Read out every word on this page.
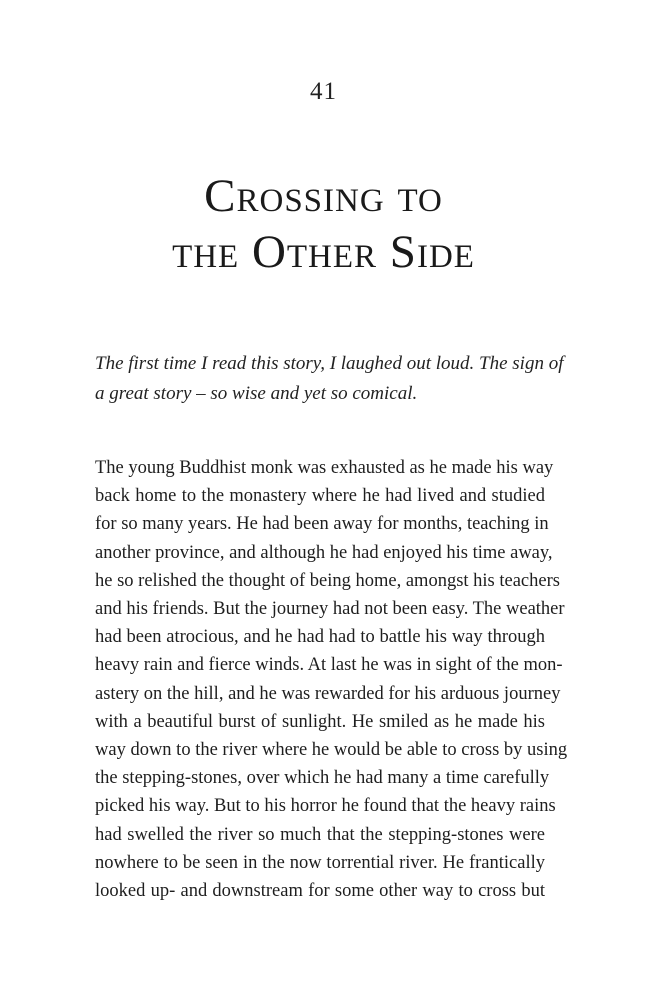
41
Crossing to
the Other Side

The first time I read this story, I laughed out loud. The sign of a great story – so wise and yet so comical.

The young Buddhist monk was exhausted as he made his way
back home to the monastery where he had lived and studied
for so many years. He had been away for months, teaching in
another province, and although he had enjoyed his time away,
he so relished the thought of being home, amongst his teachers
and his friends. But the journey had not been easy. The weather
had been atrocious, and he had had to battle his way through
heavy rain and fierce winds. At last he was in sight of the mon-
astery on the hill, and he was rewarded for his arduous journey
with a beautiful burst of sunlight. He smiled as he made his
way down to the river where he would be able to cross by using
the stepping-stones, over which he had many a time carefully
picked his way. But to his horror he found that the heavy rains
had swelled the river so much that the stepping-stones were
nowhere to be seen in the now torrential river. He frantically
looked up- and downstream for some other way to cross but
